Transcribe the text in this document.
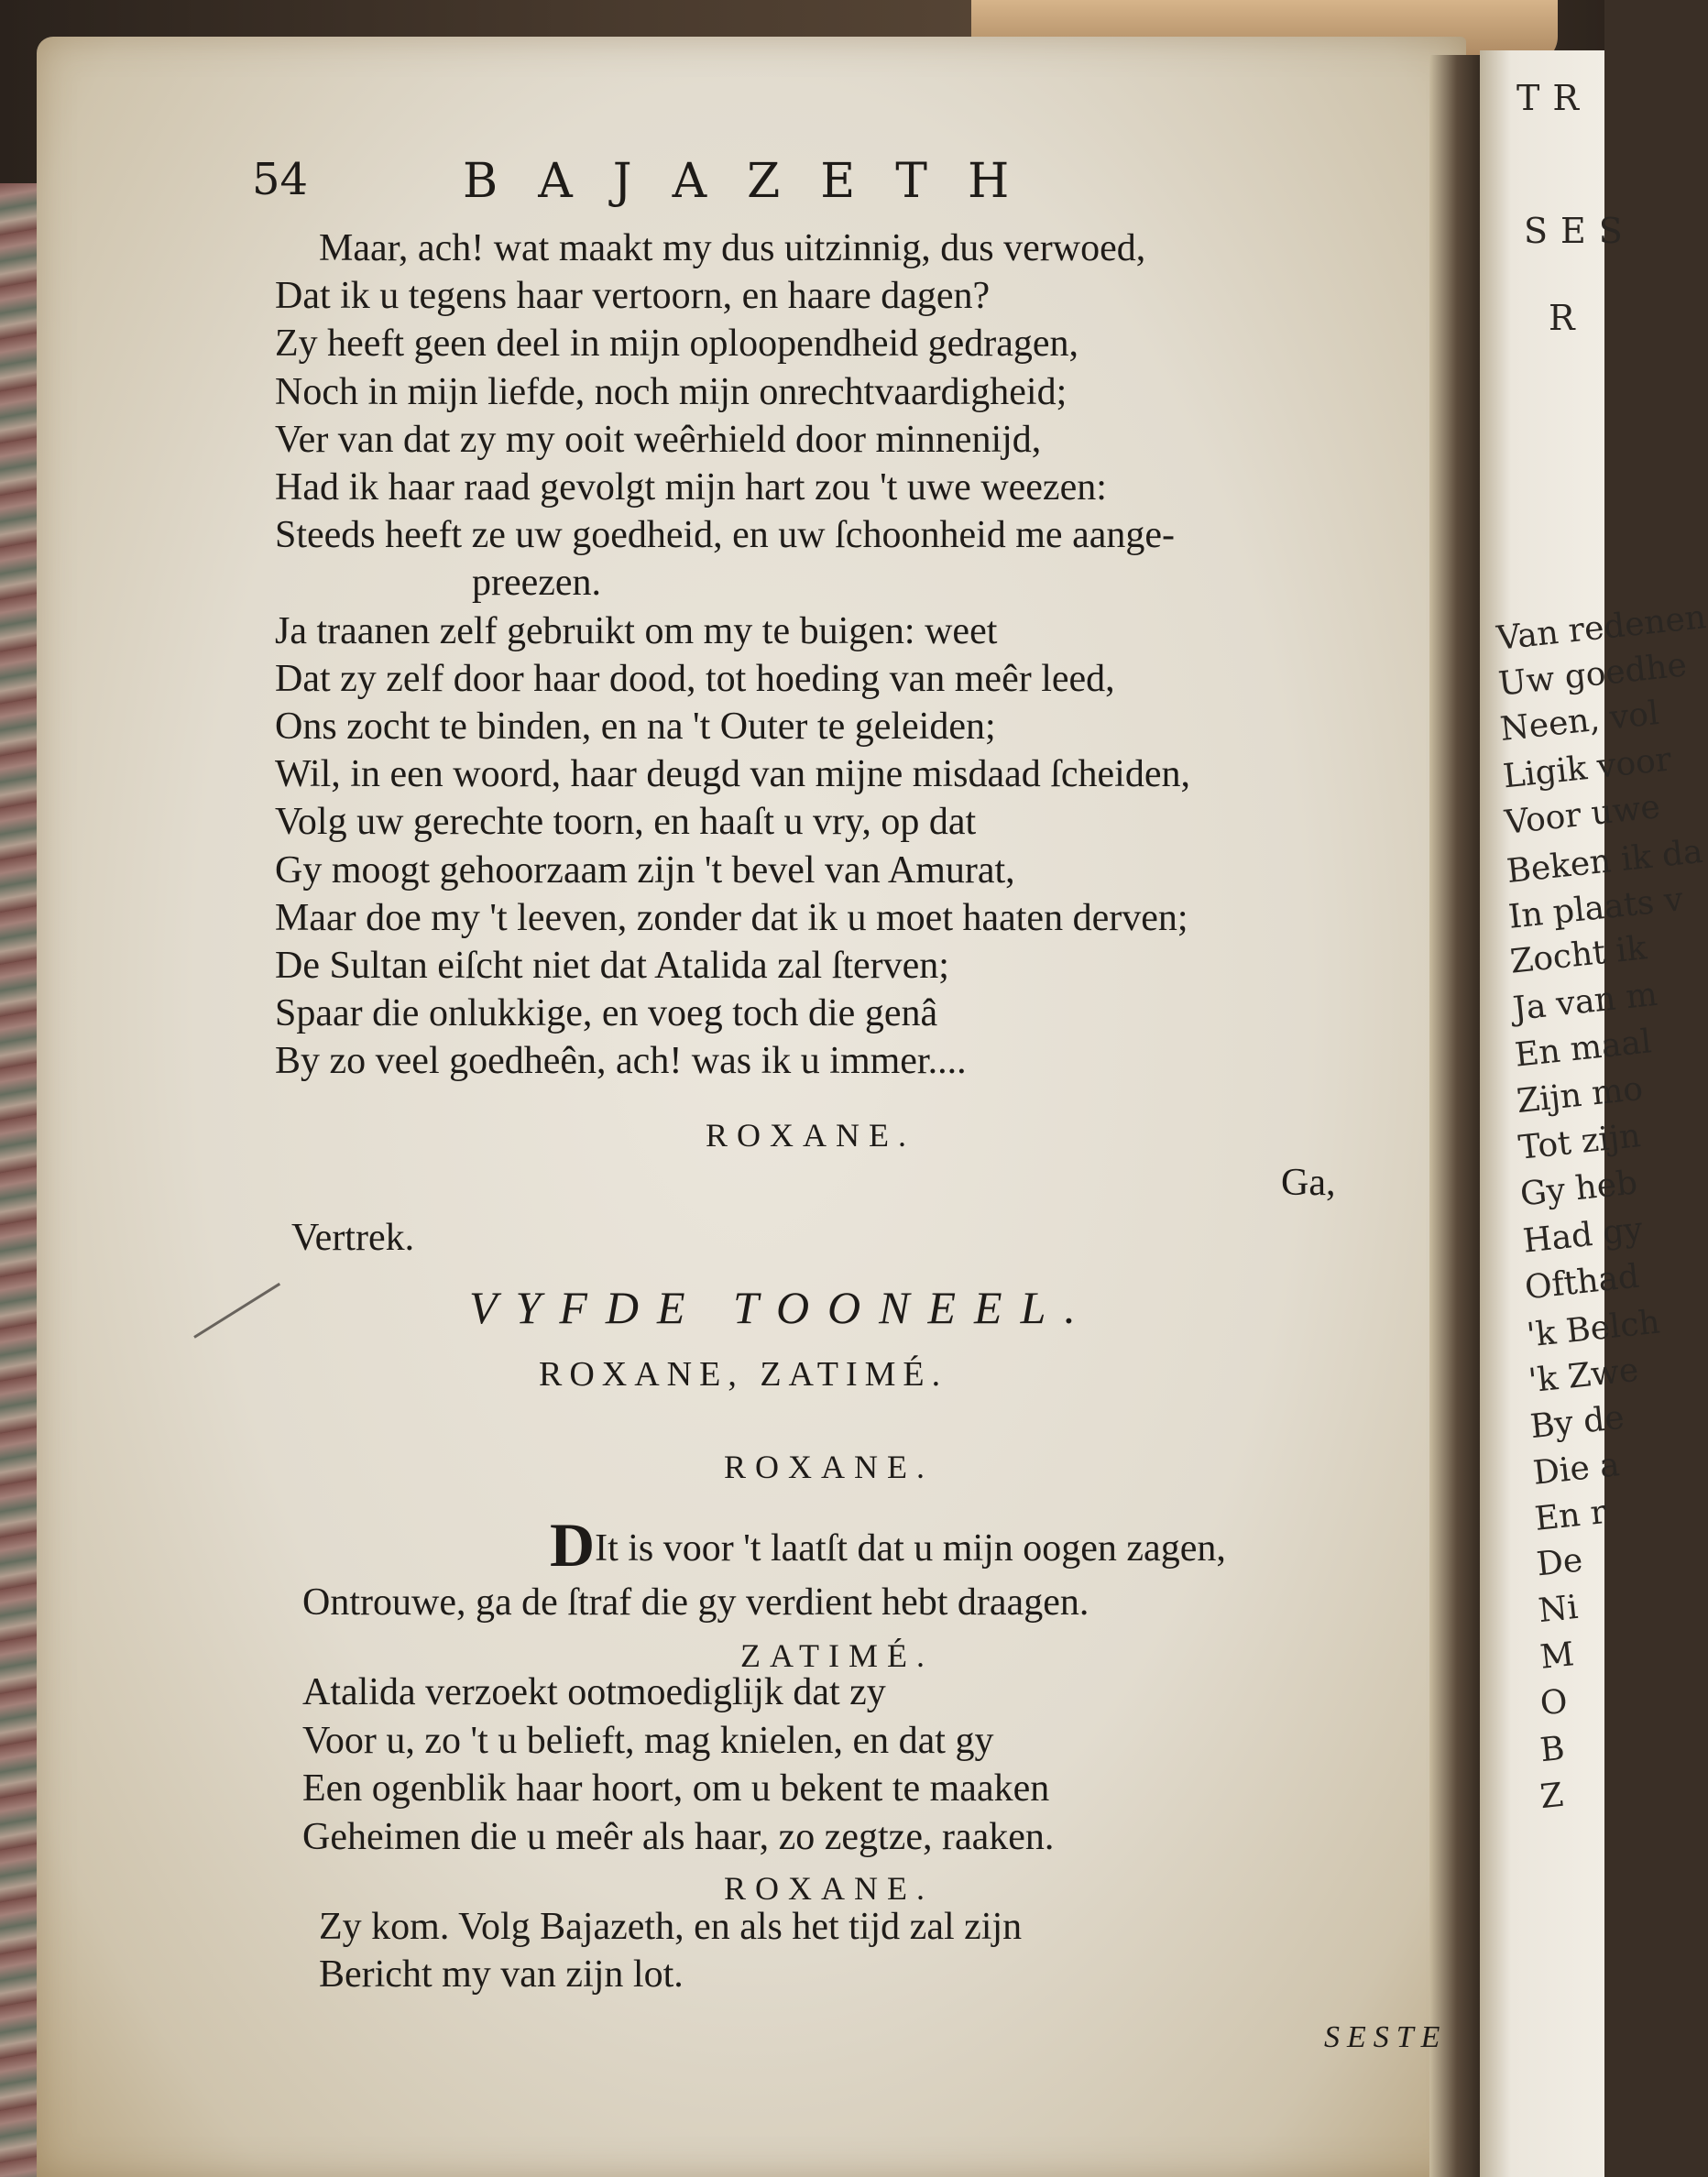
54	BAJAZETH
Maar, ach! wat maakt my dus uitzinnig, dus verwoed,
Dat ik u tegens haar vertoorn, en haare dagen?
Zy heeft geen deel in mijn oploopendheid gedragen,
Noch in mijn liefde, noch mijn onrechtvaardigheid;
Ver van dat zy my ooit weêrhield door minnenijd,
Had ik haar raad gevolgt mijn hart zou 't uwe weezen:
Steeds heeft ze uw goedheid, en uw ſchoonheid me aange-
preezen.
Ja traanen zelf gebruikt om my te buigen: weet
Dat zy zelf door haar dood, tot hoeding van meêr leed,
Ons zocht te binden, en na 't Outer te geleiden;
Wil, in een woord, haar deugd van mijne misdaad ſcheiden,
Volg uw gerechte toorn, en haaſt u vry, op dat
Gy moogt gehoorzaam zijn 't bevel van Amurat,
Maar doe my 't leeven, zonder dat ik u moet haaten derven;
De Sultan eiſcht niet dat Atalida zal ſterven;
Spaar die onlukkige, en voeg toch die genâ
By zo veel goedheên, ach! was ik u immer....
ROXANE.
Ga,
Vertrek.
VYFDE TOONEEL.
ROXANE, ZATIMÉ.
ROXANE.
DIt is voor 't laatſt dat u mijn oogen zagen,
Ontrouwe, ga de ſtraf die gy verdient hebt draagen.
ZATIMÉ.
Atalida verzoekt ootmoediglijk dat zy
Voor u, zo 't u belieft, mag knielen, en dat gy
Een ogenblik haar hoort, om u bekent te maaken
Geheimen die u meêr als haar, zo zegtze, raaken.
ROXANE.
Zy kom. Volg Bajazeth, en als het tijd zal zijn
Bericht my van zijn lot.
SESTE
TR
SES
R
Van redenen
Uw goedhe
Neen, vol
Ligik voor
Voor uwe
Beken ik da
In plaats v
Zocht ik
Ja van m
En maal
Zijn mo
Tot zijn
Gy heb
Had gy
Ofthad
'k Belch
'k Zwe
By de
Die a
En r
De
Ni
M
O
B
Z
